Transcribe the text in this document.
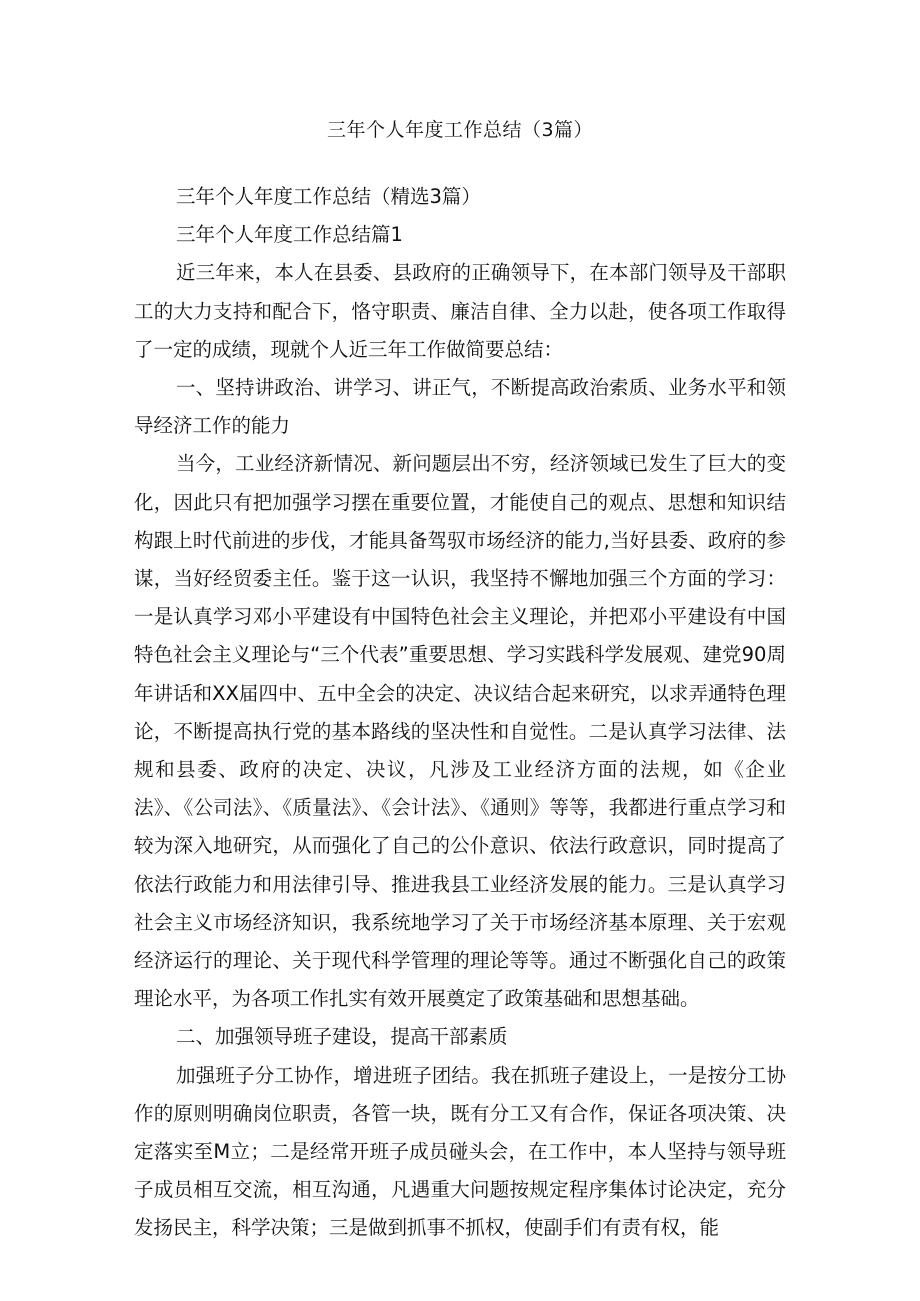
三年个人年度工作总结（3篇）

三年个人年度工作总结（精选3篇）

三年个人年度工作总结篇1

近三年来，本人在县委、县政府的正确领导下，在本部门领导及干部职工的大力支持和配合下，恪守职责、廉洁自律、全力以赴，使各项工作取得了一定的成绩，现就个人近三年工作做简要总结：

一、坚持讲政治、讲学习、讲正气，不断提高政治索质、业务水平和领导经济工作的能力

当今，工业经济新情况、新问题层出不穷，经济领域已发生了巨大的变化，因此只有把加强学习摆在重要位置，才能使自己的观点、思想和知识结构跟上时代前进的步伐，才能具备驾驭市场经济的能力,当好县委、政府的参谋，当好经贸委主任。鉴于这一认识，我坚持不懈地加强三个方面的学习：一是认真学习邓小平建设有中国特色社会主义理论，并把邓小平建设有中国特色社会主义理论与“三个代表”重要思想、学习实践科学发展观、建党90周年讲话和XX届四中、五中全会的决定、决议结合起来研究，以求弄通特色理论，不断提高执行党的基本路线的坚决性和自觉性。二是认真学习法律、法规和县委、政府的决定、决议，凡涉及工业经济方面的法规，如《企业法》、《公司法》、《质量法》、《会计法》、《通则》等等，我都进行重点学习和较为深入地研究，从而强化了自己的公仆意识、依法行政意识，同时提高了依法行政能力和用法律引导、推进我县工业经济发展的能力。三是认真学习社会主义市场经济知识，我系统地学习了关于市场经济基本原理、关于宏观经济运行的理论、关于现代科学管理的理论等等。通过不断强化自己的政策理论水平，为各项工作扎实有效开展奠定了政策基础和思想基础。

二、加强领导班子建设，提高干部素质

加强班子分工协作，增进班子团结。我在抓班子建设上，一是按分工协作的原则明确岗位职责，各管一块，既有分工又有合作，保证各项决策、决定落实至M立；二是经常开班子成员碰头会，在工作中，本人坚持与领导班子成员相互交流，相互沟通，凡遇重大问题按规定程序集体讨论决定，充分发扬民主，科学决策；三是做到抓事不抓权，使副手们有责有权，能
